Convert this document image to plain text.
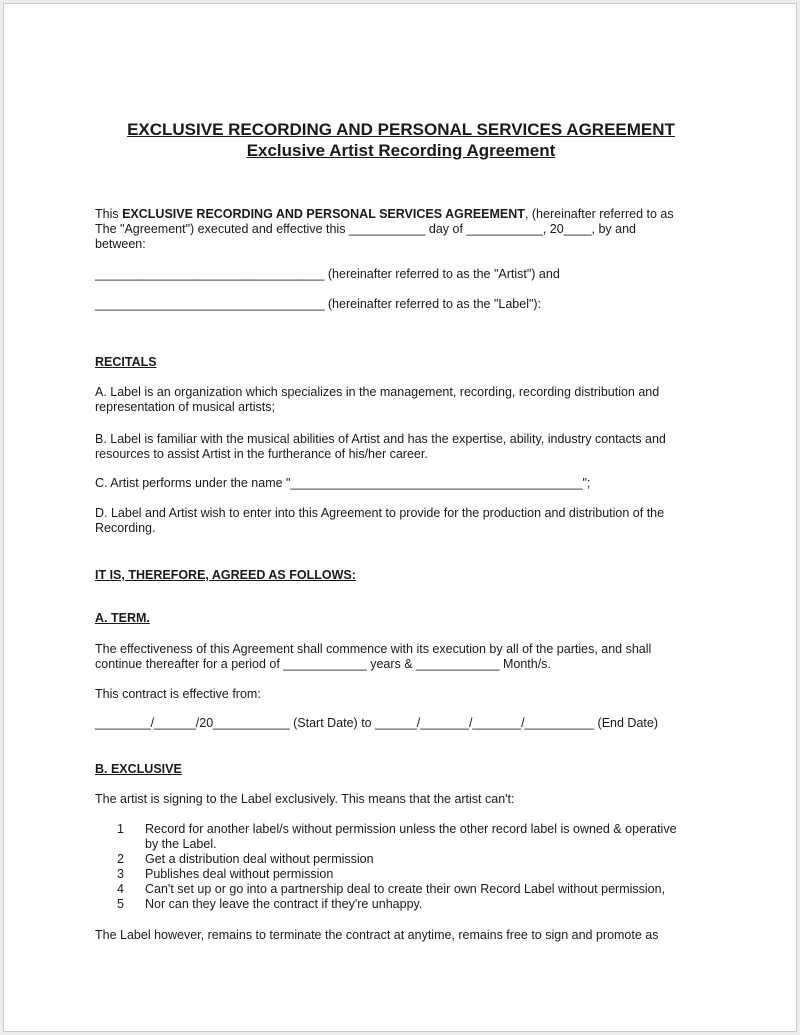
EXCLUSIVE RECORDING AND PERSONAL SERVICES AGREEMENT
Exclusive Artist Recording Agreement
This EXCLUSIVE RECORDING AND PERSONAL SERVICES AGREEMENT, (hereinafter referred to as
The "Agreement") executed and effective this ___________ day of ___________, 20____, by and
between:
_________________________________ (hereinafter referred to as the "Artist") and
_________________________________ (hereinafter referred to as the "Label"):
RECITALS
A. Label is an organization which specializes in the management, recording, recording distribution and
representation of musical artists;
B. Label is familiar with the musical abilities of Artist and has the expertise, ability, industry contacts and
resources to assist Artist in the furtherance of his/her career.
C. Artist performs under the name "__________________________________________";
D. Label and Artist wish to enter into this Agreement to provide for the production and distribution of the
Recording.
IT IS, THEREFORE, AGREED AS FOLLOWS:
A. TERM.
The effectiveness of this Agreement shall commence with its execution by all of the parties, and shall
continue thereafter for a period of ____________ years & ____________ Month/s.
This contract is effective from:
________/______/20___________ (Start Date) to ______/_______/_______/__________ (End Date)
B. EXCLUSIVE
The artist is signing to the Label exclusively. This means that the artist can't:
1 Record for another label/s without permission unless the other record label is owned & operative
by the Label.
2 Get a distribution deal without permission
3 Publishes deal without permission
4 Can't set up or go into a partnership deal to create their own Record Label without permission,
5 Nor can they leave the contract if they're unhappy.
The Label however, remains to terminate the contract at anytime, remains free to sign and promote as
